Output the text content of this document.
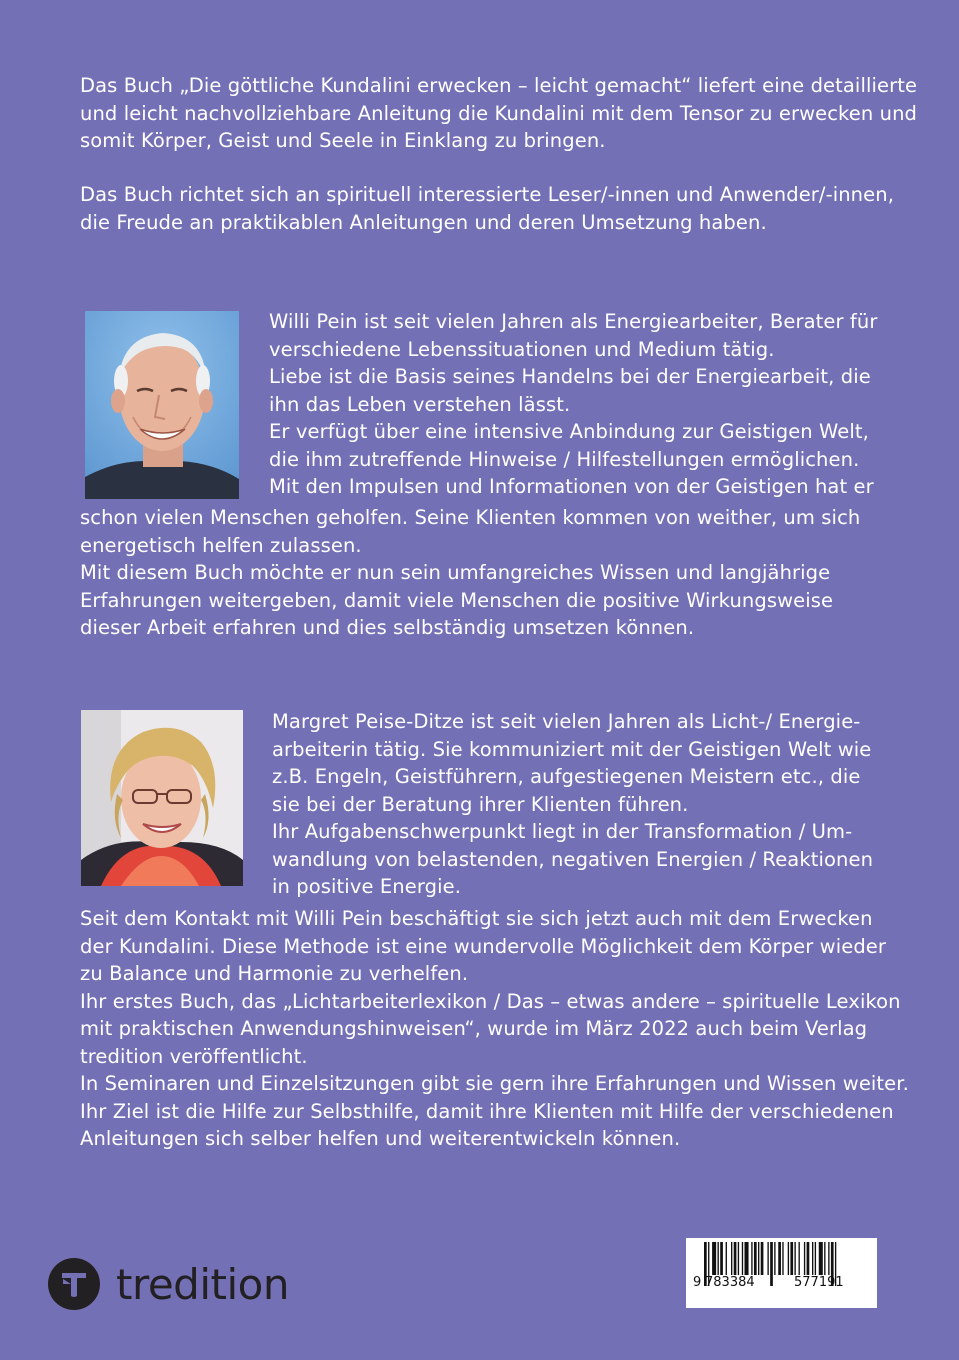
Das Buch „Die göttliche Kundalini erwecken – leicht gemacht“ liefert eine detaillierte
und leicht nachvollziehbare Anleitung die Kundalini mit dem Tensor zu erwecken und
somit Körper, Geist und Seele in Einklang zu bringen.
Das Buch richtet sich an spirituell interessierte Leser/-innen und Anwender/-innen,
die Freude an praktikablen Anleitungen und deren Umsetzung haben.
Willi Pein ist seit vielen Jahren als Energiearbeiter, Berater für
verschiedene Lebenssituationen und Medium tätig.
Liebe ist die Basis seines Handelns bei der Energiearbeit, die
ihn das Leben verstehen lässt.
Er verfügt über eine intensive Anbindung zur Geistigen Welt,
die ihm zutreffende Hinweise / Hilfestellungen ermöglichen.
Mit den Impulsen und Informationen von der Geistigen hat er
schon vielen Menschen geholfen. Seine Klienten kommen von weither, um sich
energetisch helfen zulassen.
Mit diesem Buch möchte er nun sein umfangreiches Wissen und langjährige
Erfahrungen weitergeben, damit viele Menschen die positive Wirkungsweise
dieser Arbeit erfahren und dies selbständig umsetzen können.
Margret Peise-Ditze ist seit vielen Jahren als Licht-/ Energie-
arbeiterin tätig. Sie kommuniziert mit der Geistigen Welt wie
z.B. Engeln, Geistführern, aufgestiegenen Meistern etc., die
sie bei der Beratung ihrer Klienten führen.
Ihr Aufgabenschwerpunkt liegt in der Transformation / Um-
wandlung von belastenden, negativen Energien / Reaktionen
in positive Energie.
Seit dem Kontakt mit Willi Pein beschäftigt sie sich jetzt auch mit dem Erwecken
der Kundalini. Diese Methode ist eine wundervolle Möglichkeit dem Körper wieder
zu Balance und Harmonie zu verhelfen.
Ihr erstes Buch, das „Lichtarbeiterlexikon / Das – etwas andere – spirituelle Lexikon
mit praktischen Anwendungshinweisen“, wurde im März 2022 auch beim Verlag
tredition veröffentlicht.
In Seminaren und Einzelsitzungen gibt sie gern ihre Erfahrungen und Wissen weiter.
Ihr Ziel ist die Hilfe zur Selbsthilfe, damit ihre Klienten mit Hilfe der verschiedenen
Anleitungen sich selber helfen und weiterentwickeln können.
tredition	9 783384	577191
